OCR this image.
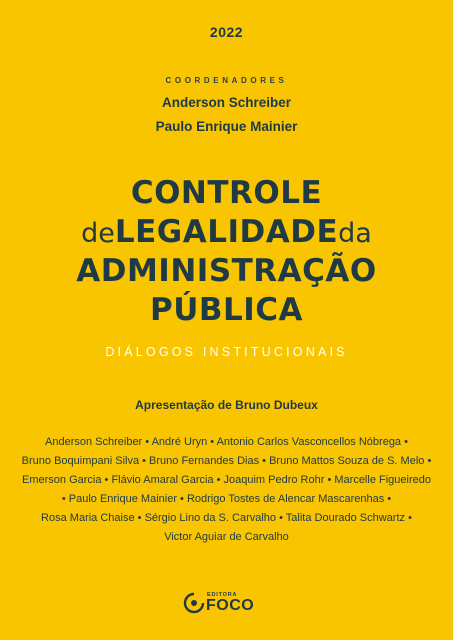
2022
COORDENADORES
Anderson Schreiber
Paulo Enrique Mainier
CONTROLE
deLEGALIDADEda
ADMINISTRAÇÃO
PÚBLICA
DIÁLOGOS INSTITUCIONAIS
Apresentação de Bruno Dubeux
Anderson Schreiber • André Uryn • Antonio Carlos Vasconcellos Nóbrega • Bruno Boquimpani Silva • Bruno Fernandes Dias • Bruno Mattos Souza de S. Melo • Emerson Garcia • Flávio Amaral Garcia • Joaquim Pedro Rohr • Marcelle Figueiredo • Paulo Enrique Mainier • Rodrigo Tostes de Alencar Mascarenhas • Rosa Maria Chaise • Sérgio Lino da S. Carvalho • Talita Dourado Schwartz • Victor Aguiar de Carvalho
EDITORA
FOCO
